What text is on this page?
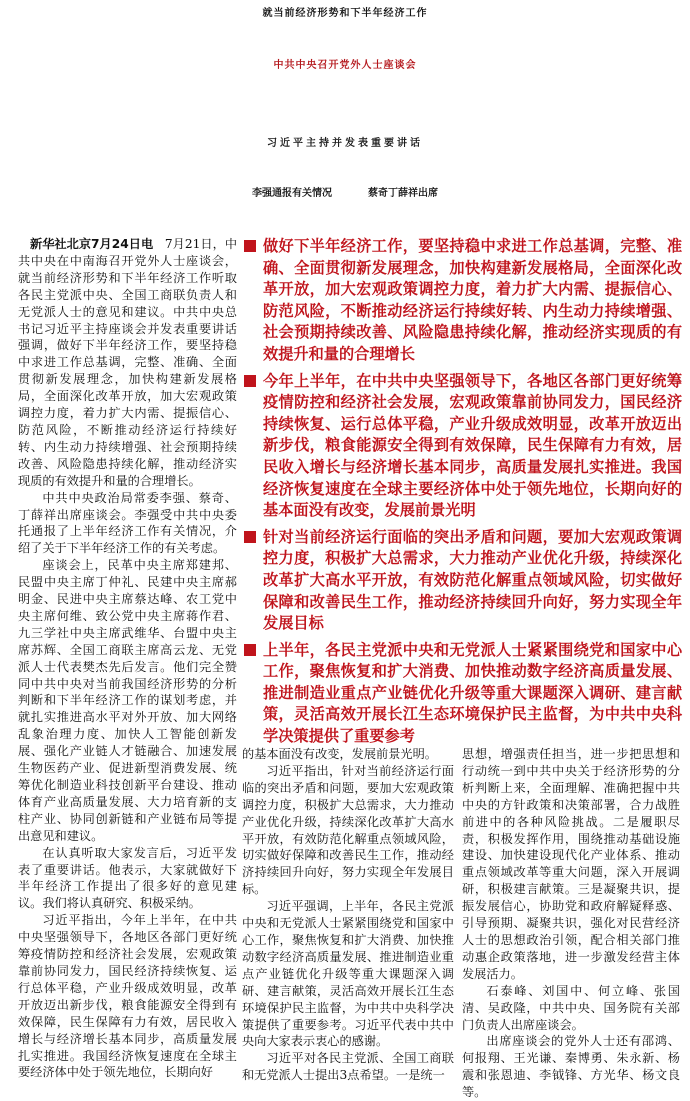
就当前经济形势和下半年经济工作
中共中央召开党外人士座谈会
习近平主持并发表重要讲话
李强通报有关情况	蔡奇丁薛祥出席

新华社北京7月24日电 7月21日，中共中央在中南海召开党外人士座谈会，就当前经济形势和下半年经济工作听取各民主党派中央、全国工商联负责人和无党派人士的意见和建议。中共中央总书记习近平主持座谈会并发表重要讲话强调，做好下半年经济工作，要坚持稳中求进工作总基调，完整、准确、全面贯彻新发展理念，加快构建新发展格局，全面深化改革开放，加大宏观政策调控力度，着力扩大内需、提振信心、防范风险，不断推动经济运行持续好转、内生动力持续增强、社会预期持续改善、风险隐患持续化解，推动经济实现质的有效提升和量的合理增长。

中共中央政治局常委李强、蔡奇、丁薛祥出席座谈会。李强受中共中央委托通报了上半年经济工作有关情况，介绍了关于下半年经济工作的有关考虑。

座谈会上，民革中央主席郑建邦、民盟中央主席丁仲礼、民建中央主席郝明金、民进中央主席蔡达峰、农工党中央主席何维、致公党中央主席蒋作君、九三学社中央主席武维华、台盟中央主席苏辉、全国工商联主席高云龙、无党派人士代表樊杰先后发言。他们完全赞同中共中央对当前我国经济形势的分析判断和下半年经济工作的谋划考虑，并就扎实推进高水平对外开放、加大网络乱象治理力度、加快人工智能创新发展、强化产业链人才链融合、加速发展生物医药产业、促进新型消费发展、统筹优化制造业科技创新平台建设、推动体育产业高质量发展、大力培育新的支柱产业、协同创新链和产业链布局等提出意见和建议。

在认真听取大家发言后，习近平发表了重要讲话。他表示，大家就做好下半年经济工作提出了很多好的意见建议。我们将认真研究、积极采纳。

习近平指出，今年上半年，在中共中央坚强领导下，各地区各部门更好统筹疫情防控和经济社会发展，宏观政策靠前协同发力，国民经济持续恢复、运行总体平稳，产业升级成效明显，改革开放迈出新步伐，粮食能源安全得到有效保障，民生保障有力有效，居民收入增长与经济增长基本同步，高质量发展扎实推进。我国经济恢复速度在全球主要经济体中处于领先地位，长期向好

做好下半年经济工作，要坚持稳中求进工作总基调，完整、准确、全面贯彻新发展理念，加快构建新发展格局，全面深化改革开放，加大宏观政策调控力度，着力扩大内需、提振信心、防范风险，不断推动经济运行持续好转、内生动力持续增强、社会预期持续改善、风险隐患持续化解，推动经济实现质的有效提升和量的合理增长
今年上半年，在中共中央坚强领导下，各地区各部门更好统筹疫情防控和经济社会发展，宏观政策靠前协同发力，国民经济持续恢复、运行总体平稳，产业升级成效明显，改革开放迈出新步伐，粮食能源安全得到有效保障，民生保障有力有效，居民收入增长与经济增长基本同步，高质量发展扎实推进。我国经济恢复速度在全球主要经济体中处于领先地位，长期向好的基本面没有改变，发展前景光明
针对当前经济运行面临的突出矛盾和问题，要加大宏观政策调控力度，积极扩大总需求，大力推动产业优化升级，持续深化改革扩大高水平开放，有效防范化解重点领域风险，切实做好保障和改善民生工作，推动经济持续回升向好，努力实现全年发展目标
上半年，各民主党派中央和无党派人士紧紧围绕党和国家中心工作，聚焦恢复和扩大消费、加快推动数字经济高质量发展、推进制造业重点产业链优化升级等重大课题深入调研、建言献策，灵活高效开展长江生态环境保护民主监督，为中共中央科学决策提供了重要参考

的基本面没有改变，发展前景光明。

习近平指出，针对当前经济运行面临的突出矛盾和问题，要加大宏观政策调控力度，积极扩大总需求，大力推动产业优化升级，持续深化改革扩大高水平开放，有效防范化解重点领域风险，切实做好保障和改善民生工作，推动经济持续回升向好，努力实现全年发展目标。

习近平强调，上半年，各民主党派中央和无党派人士紧紧围绕党和国家中心工作，聚焦恢复和扩大消费、加快推动数字经济高质量发展、推进制造业重点产业链优化升级等重大课题深入调研、建言献策，灵活高效开展长江生态环境保护民主监督，为中共中央科学决策提供了重要参考。习近平代表中共中央向大家表示衷心的感谢。

习近平对各民主党派、全国工商联和无党派人士提出3点希望。一是统一

思想，增强责任担当，进一步把思想和行动统一到中共中央关于经济形势的分析判断上来，全面理解、准确把握中共中央的方针政策和决策部署，合力战胜前进中的各种风险挑战。二是履职尽责，积极发挥作用，围绕推动基础设施建设、加快建设现代化产业体系、推动重点领域改革等重大问题，深入开展调研，积极建言献策。三是凝聚共识，提振发展信心，协助党和政府解疑释惑、引导预期、凝聚共识，强化对民营经济人士的思想政治引领，配合相关部门推动惠企政策落地，进一步激发经营主体发展活力。

石泰峰、刘国中、何立峰、张国清、吴政隆，中共中央、国务院有关部门负责人出席座谈会。

出席座谈会的党外人士还有邵鸿、何报翔、王光谦、秦博勇、朱永新、杨震和张恩迪、李钺锋、方光华、杨文良等。
